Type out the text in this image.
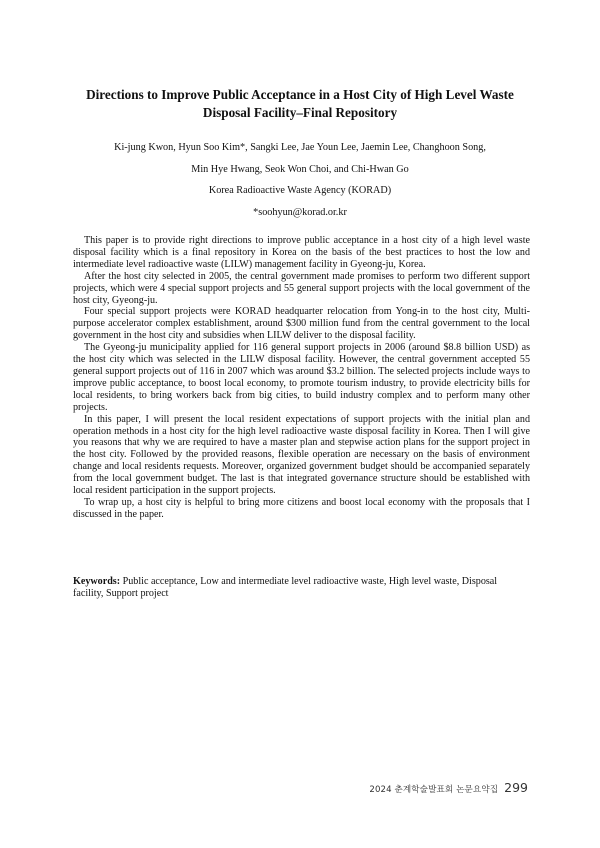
Directions to Improve Public Acceptance in a Host City of High Level Waste
Disposal Facility–Final Repository
Ki-jung Kwon, Hyun Soo Kim*, Sangki Lee, Jae Youn Lee, Jaemin Lee, Changhoon Song,
Min Hye Hwang, Seok Won Choi, and Chi-Hwan Go
Korea Radioactive Waste Agency (KORAD)
*soohyun@korad.or.kr

This paper is to provide right directions to improve public acceptance in a host city of a high level waste disposal facility which is a final repository in Korea on the basis of the best practices to host the low and intermediate level radioactive waste (LILW) management facility in Gyeong-ju, Korea.

After the host city selected in 2005, the central government made promises to perform two different support projects, which were 4 special support projects and 55 general support projects with the local government of the host city, Gyeong-ju.

Four special support projects were KORAD headquarter relocation from Yong-in to the host city, Multi-purpose accelerator complex establishment, around $300 million fund from the central government to the local government in the host city and subsidies when LILW deliver to the disposal facility.

The Gyeong-ju municipality applied for 116 general support projects in 2006 (around $8.8 billion USD) as the host city which was selected in the LILW disposal facility. However, the central government accepted 55 general support projects out of 116 in 2007 which was around $3.2 billion. The selected projects include ways to improve public acceptance, to boost local economy, to promote tourism industry, to provide electricity bills for local residents, to bring workers back from big cities, to build industry complex and to perform many other projects.

In this paper, I will present the local resident expectations of support projects with the initial plan and operation methods in a host city for the high level radioactive waste disposal facility in Korea. Then I will give you reasons that why we are required to have a master plan and stepwise action plans for the support project in the host city. Followed by the provided reasons, flexible operation are necessary on the basis of environment change and local residents requests. Moreover, organized government budget should be accompanied separately from the local government budget. The last is that integrated governance structure should be established with local resident participation in the support projects.

To wrap up, a host city is helpful to bring more citizens and boost local economy with the proposals that I discussed in the paper.

Keywords: Public acceptance, Low and intermediate level radioactive waste, High level waste, Disposal facility, Support project

2024 춘계학술발표회 논문요약집 299
